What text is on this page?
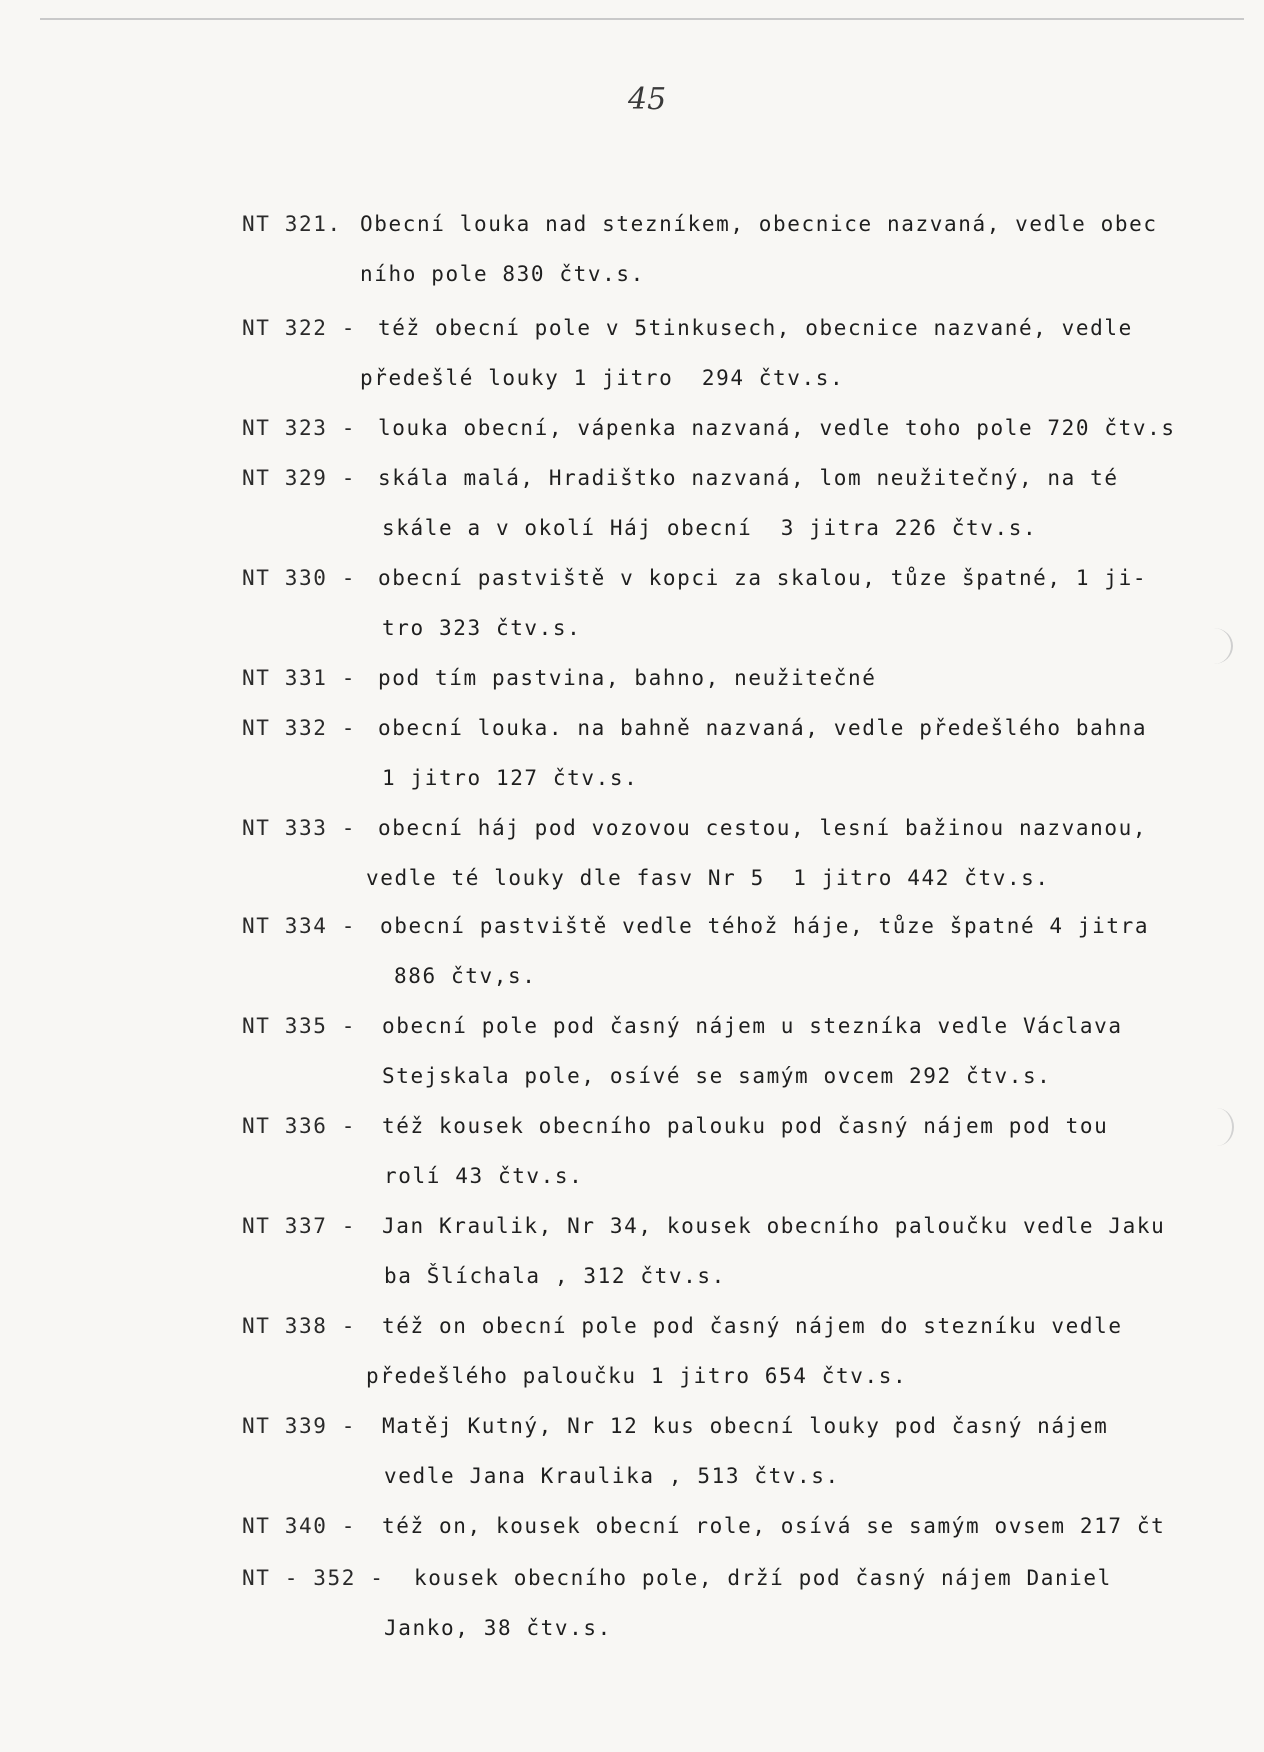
45
NT 321. Obecní louka nad stezníkem, obecnice nazvaná, vedle obec
ního pole 830 čtv.s.
NT 322 - též obecní pole v 5tinkusech, obecnice nazvané, vedle
předešlé louky 1 jitro  294 čtv.s.
NT 323 - louka obecní, vápenka nazvaná, vedle toho pole 720 čtv.s
NT 329 - skála malá, Hradištko nazvaná, lom neužitečný, na té
skále a v okolí Háj obecní  3 jitra 226 čtv.s.
NT 330 - obecní pastviště v kopci za skalou, tůze špatné, 1 ji-
tro 323 čtv.s.
NT 331 - pod tím pastvina, bahno, neužitečné
NT 332 - obecní louka. na bahně nazvaná, vedle předešlého bahna
1 jitro 127 čtv.s.
NT 333 - obecní háj pod vozovou cestou, lesní bažinou nazvanou,
vedle té louky dle fasv Nr 5  1 jitro 442 čtv.s.
NT 334 - obecní pastviště vedle téhož háje, tůze špatné 4 jitra
886 čtv,s.
NT 335 - obecní pole pod časný nájem u stezníka vedle Václava
Stejskala pole, osívé se samým ovcem 292 čtv.s.
NT 336 - též kousek obecního palouku pod časný nájem pod tou
rolí 43 čtv.s.
NT 337 - Jan Kraulik, Nr 34, kousek obecního paloučku vedle Jaku
ba Šlíchala , 312 čtv.s.
NT 338 - též on obecní pole pod časný nájem do stezníku vedle
předešlého paloučku 1 jitro 654 čtv.s.
NT 339 - Matěj Kutný, Nr 12 kus obecní louky pod časný nájem
vedle Jana Kraulika , 513 čtv.s.
NT 340 - též on, kousek obecní role, osívá se samým ovsem 217 čt
NT - 352 - kousek obecního pole, drží pod časný nájem Daniel
Janko, 38 čtv.s.
